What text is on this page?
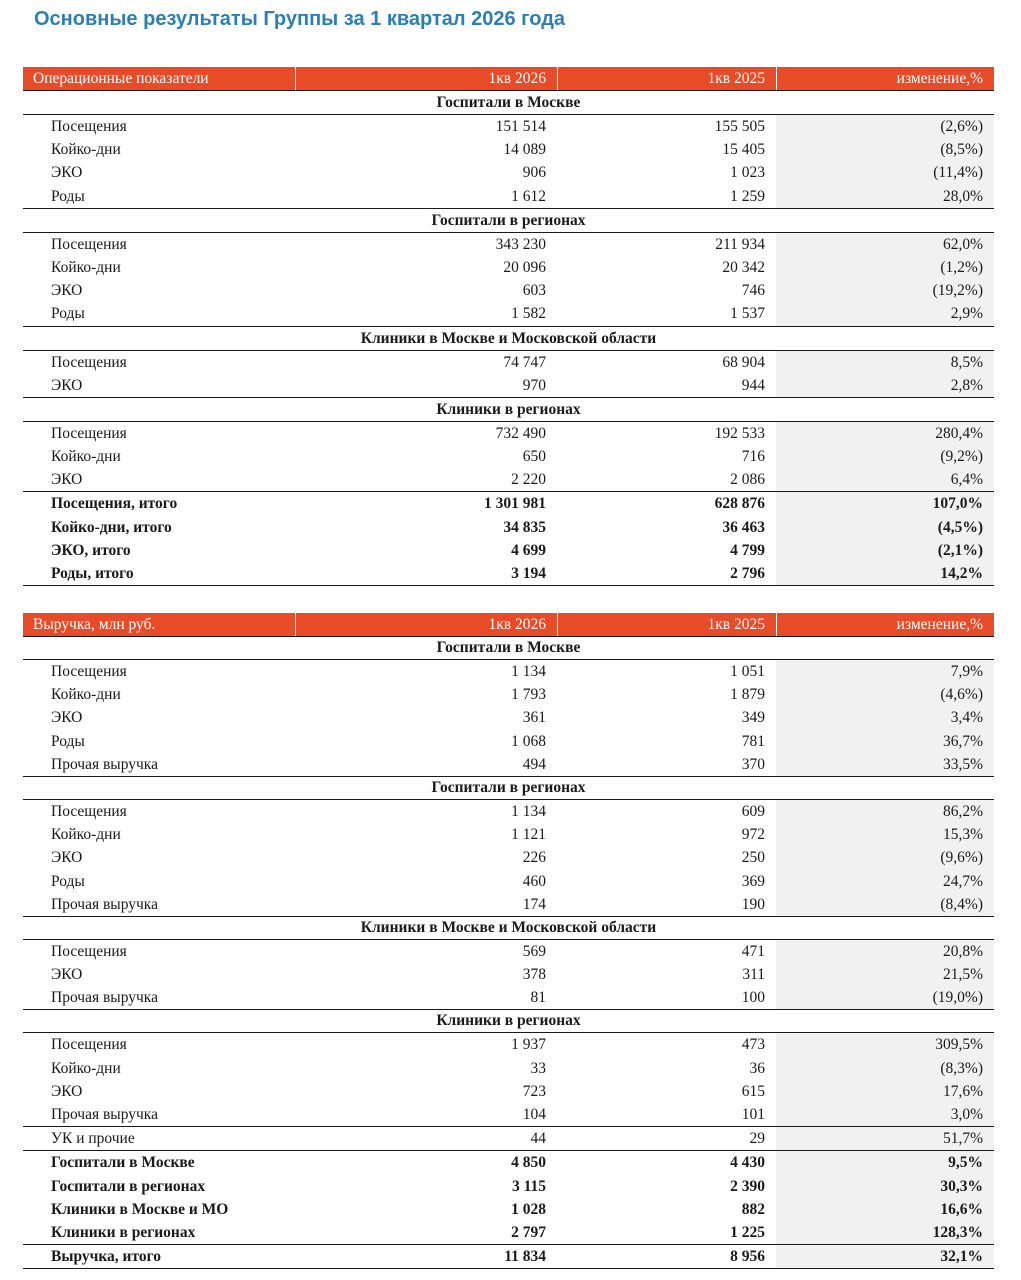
Основные результаты Группы за 1 квартал 2026 года
Операционные показатели	1кв 2026	1кв 2025	изменение,%
Госпитали в Москве
Посещения	151 514	155 505	(2,6%)
Койко-дни	14 089	15 405	(8,5%)
ЭКО	906	1 023	(11,4%)
Роды	1 612	1 259	28,0%
Госпитали в регионах
Посещения	343 230	211 934	62,0%
Койко-дни	20 096	20 342	(1,2%)
ЭКО	603	746	(19,2%)
Роды	1 582	1 537	2,9%
Клиники в Москве и Московской области
Посещения	74 747	68 904	8,5%
ЭКО	970	944	2,8%
Клиники в регионах
Посещения	732 490	192 533	280,4%
Койко-дни	650	716	(9,2%)
ЭКО	2 220	2 086	6,4%
Посещения, итого	1 301 981	628 876	107,0%
Койко-дни, итого	34 835	36 463	(4,5%)
ЭКО, итого	4 699	4 799	(2,1%)
Роды, итого	3 194	2 796	14,2%
Выручка, млн руб.	1кв 2026	1кв 2025	изменение,%
Госпитали в Москве
Посещения	1 134	1 051	7,9%
Койко-дни	1 793	1 879	(4,6%)
ЭКО	361	349	3,4%
Роды	1 068	781	36,7%
Прочая выручка	494	370	33,5%
Госпитали в регионах
Посещения	1 134	609	86,2%
Койко-дни	1 121	972	15,3%
ЭКО	226	250	(9,6%)
Роды	460	369	24,7%
Прочая выручка	174	190	(8,4%)
Клиники в Москве и Московской области
Посещения	569	471	20,8%
ЭКО	378	311	21,5%
Прочая выручка	81	100	(19,0%)
Клиники в регионах
Посещения	1 937	473	309,5%
Койко-дни	33	36	(8,3%)
ЭКО	723	615	17,6%
Прочая выручка	104	101	3,0%
УК и прочие	44	29	51,7%
Госпитали в Москве	4 850	4 430	9,5%
Госпитали в регионах	3 115	2 390	30,3%
Клиники в Москве и МО	1 028	882	16,6%
Клиники в регионах	2 797	1 225	128,3%
Выручка, итого	11 834	8 956	32,1%
